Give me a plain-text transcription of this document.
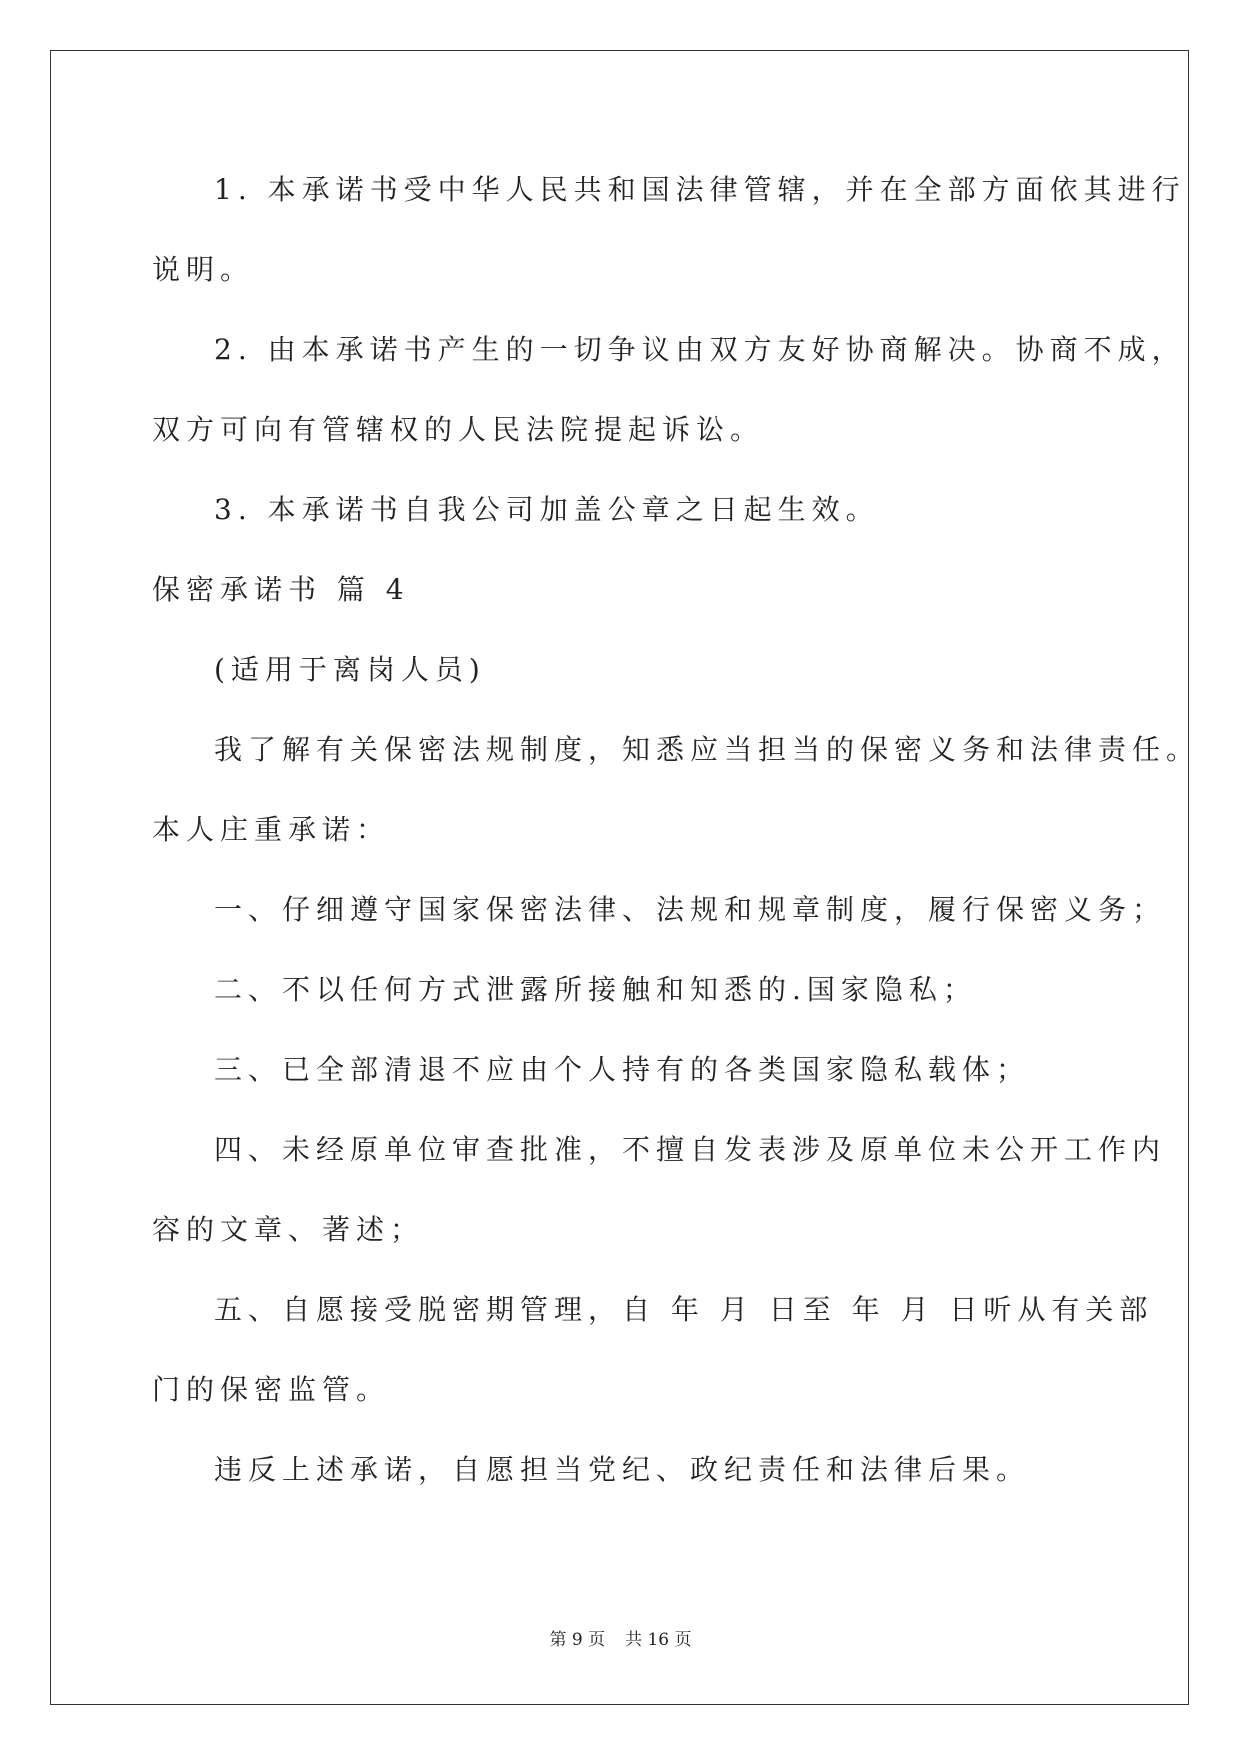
1. 本承诺书受中华人民共和国法律管辖，并在全部方面依其进行
说明。
2. 由本承诺书产生的一切争议由双方友好协商解决。协商不成，
双方可向有管辖权的人民法院提起诉讼。
3. 本承诺书自我公司加盖公章之日起生效。
保密承诺书 篇 4
(适用于离岗人员)
我了解有关保密法规制度，知悉应当担当的保密义务和法律责任。
本人庄重承诺：
一、仔细遵守国家保密法律、法规和规章制度，履行保密义务；
二、不以任何方式泄露所接触和知悉的.国家隐私；
三、已全部清退不应由个人持有的各类国家隐私载体；
四、未经原单位审查批准，不擅自发表涉及原单位未公开工作内
容的文章、著述；
五、自愿接受脱密期管理，自 年 月 日至 年 月 日听从有关部
门的保密监管。
违反上述承诺，自愿担当党纪、政纪责任和法律后果。
第 9 页 共 16 页
